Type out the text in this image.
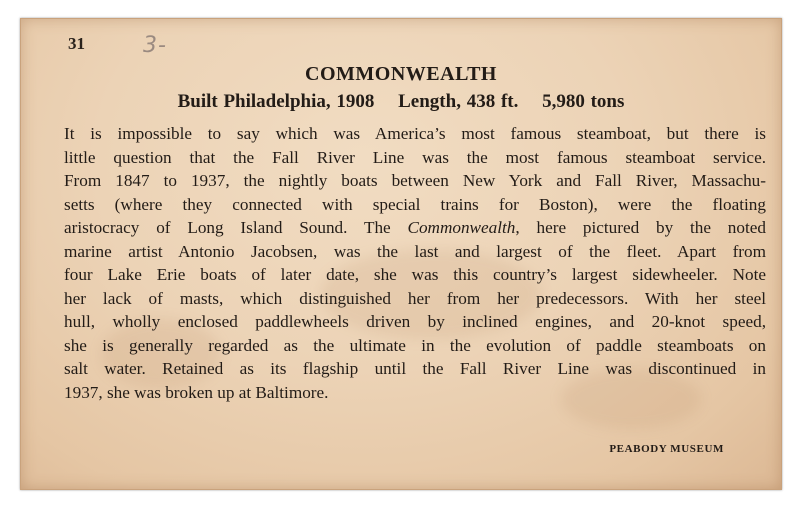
31	3-
COMMONWEALTH
Built Philadelphia, 1908 Length, 438 ft. 5,980 tons
It is impossible to say which was America’s most famous steamboat, but there is
little question that the Fall River Line was the most famous steamboat service.
From 1847 to 1937, the nightly boats between New York and Fall River, Massachu-
setts (where they connected with special trains for Boston), were the floating
aristocracy of Long Island Sound. The Commonwealth, here pictured by the noted
marine artist Antonio Jacobsen, was the last and largest of the fleet. Apart from
four Lake Erie boats of later date, she was this country’s largest sidewheeler. Note
her lack of masts, which distinguished her from her predecessors. With her steel
hull, wholly enclosed paddlewheels driven by inclined engines, and 20-knot speed,
she is generally regarded as the ultimate in the evolution of paddle steamboats on
salt water. Retained as its flagship until the Fall River Line was discontinued in
1937, she was broken up at Baltimore.
PEABODY MUSEUM
